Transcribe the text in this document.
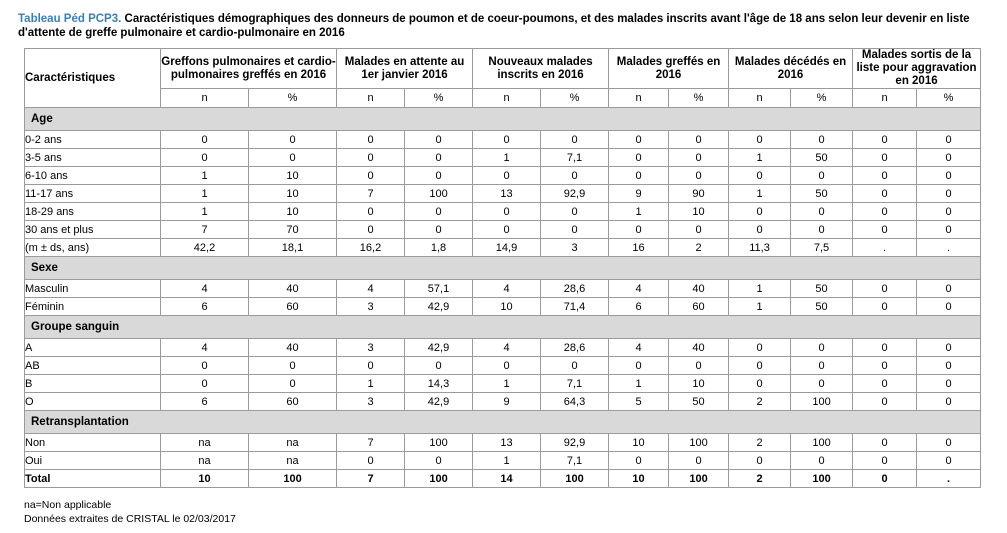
Tableau Péd PCP3. Caractéristiques démographiques des donneurs de poumon et de coeur-poumons, et des malades inscrits avant l'âge de 18 ans selon leur devenir en liste d'attente de greffe pulmonaire et cardio-pulmonaire en 2016
Caractéristiques	Greffons pulmonaires et cardio-pulmonaires greffés en 2016		Malades en attente au 1er janvier 2016		Nouveaux malades inscrits en 2016		Malades greffés en 2016		Malades décédés en 2016		Malades sortis de la liste pour aggravation en 2016	
	n	%	n	%	n	%	n	%	n	%	n	%
Age												
0-2 ans	0	0	0	0	0	0	0	0	0	0	0	0
3-5 ans	0	0	0	0	1	7,1	0	0	1	50	0	0
6-10 ans	1	10	0	0	0	0	0	0	0	0	0	0
11-17 ans	1	10	7	100	13	92,9	9	90	1	50	0	0
18-29 ans	1	10	0	0	0	0	1	10	0	0	0	0
30 ans et plus	7	70	0	0	0	0	0	0	0	0	0	0
(m ± ds, ans)	42,2	18,1	16,2	1,8	14,9	3	16	2	11,3	7,5	.	.
Sexe												
Masculin	4	40	4	57,1	4	28,6	4	40	1	50	0	0
Féminin	6	60	3	42,9	10	71,4	6	60	1	50	0	0
Groupe sanguin												
A	4	40	3	42,9	4	28,6	4	40	0	0	0	0
AB	0	0	0	0	0	0	0	0	0	0	0	0
B	0	0	1	14,3	1	7,1	1	10	0	0	0	0
O	6	60	3	42,9	9	64,3	5	50	2	100	0	0
Retransplantation												
Non	na	na	7	100	13	92,9	10	100	2	100	0	0
Oui	na	na	0	0	1	7,1	0	0	0	0	0	0
Total	10	100	7	100	14	100	10	100	2	100	0	.
na=Non applicable
Données extraites de CRISTAL le 02/03/2017
